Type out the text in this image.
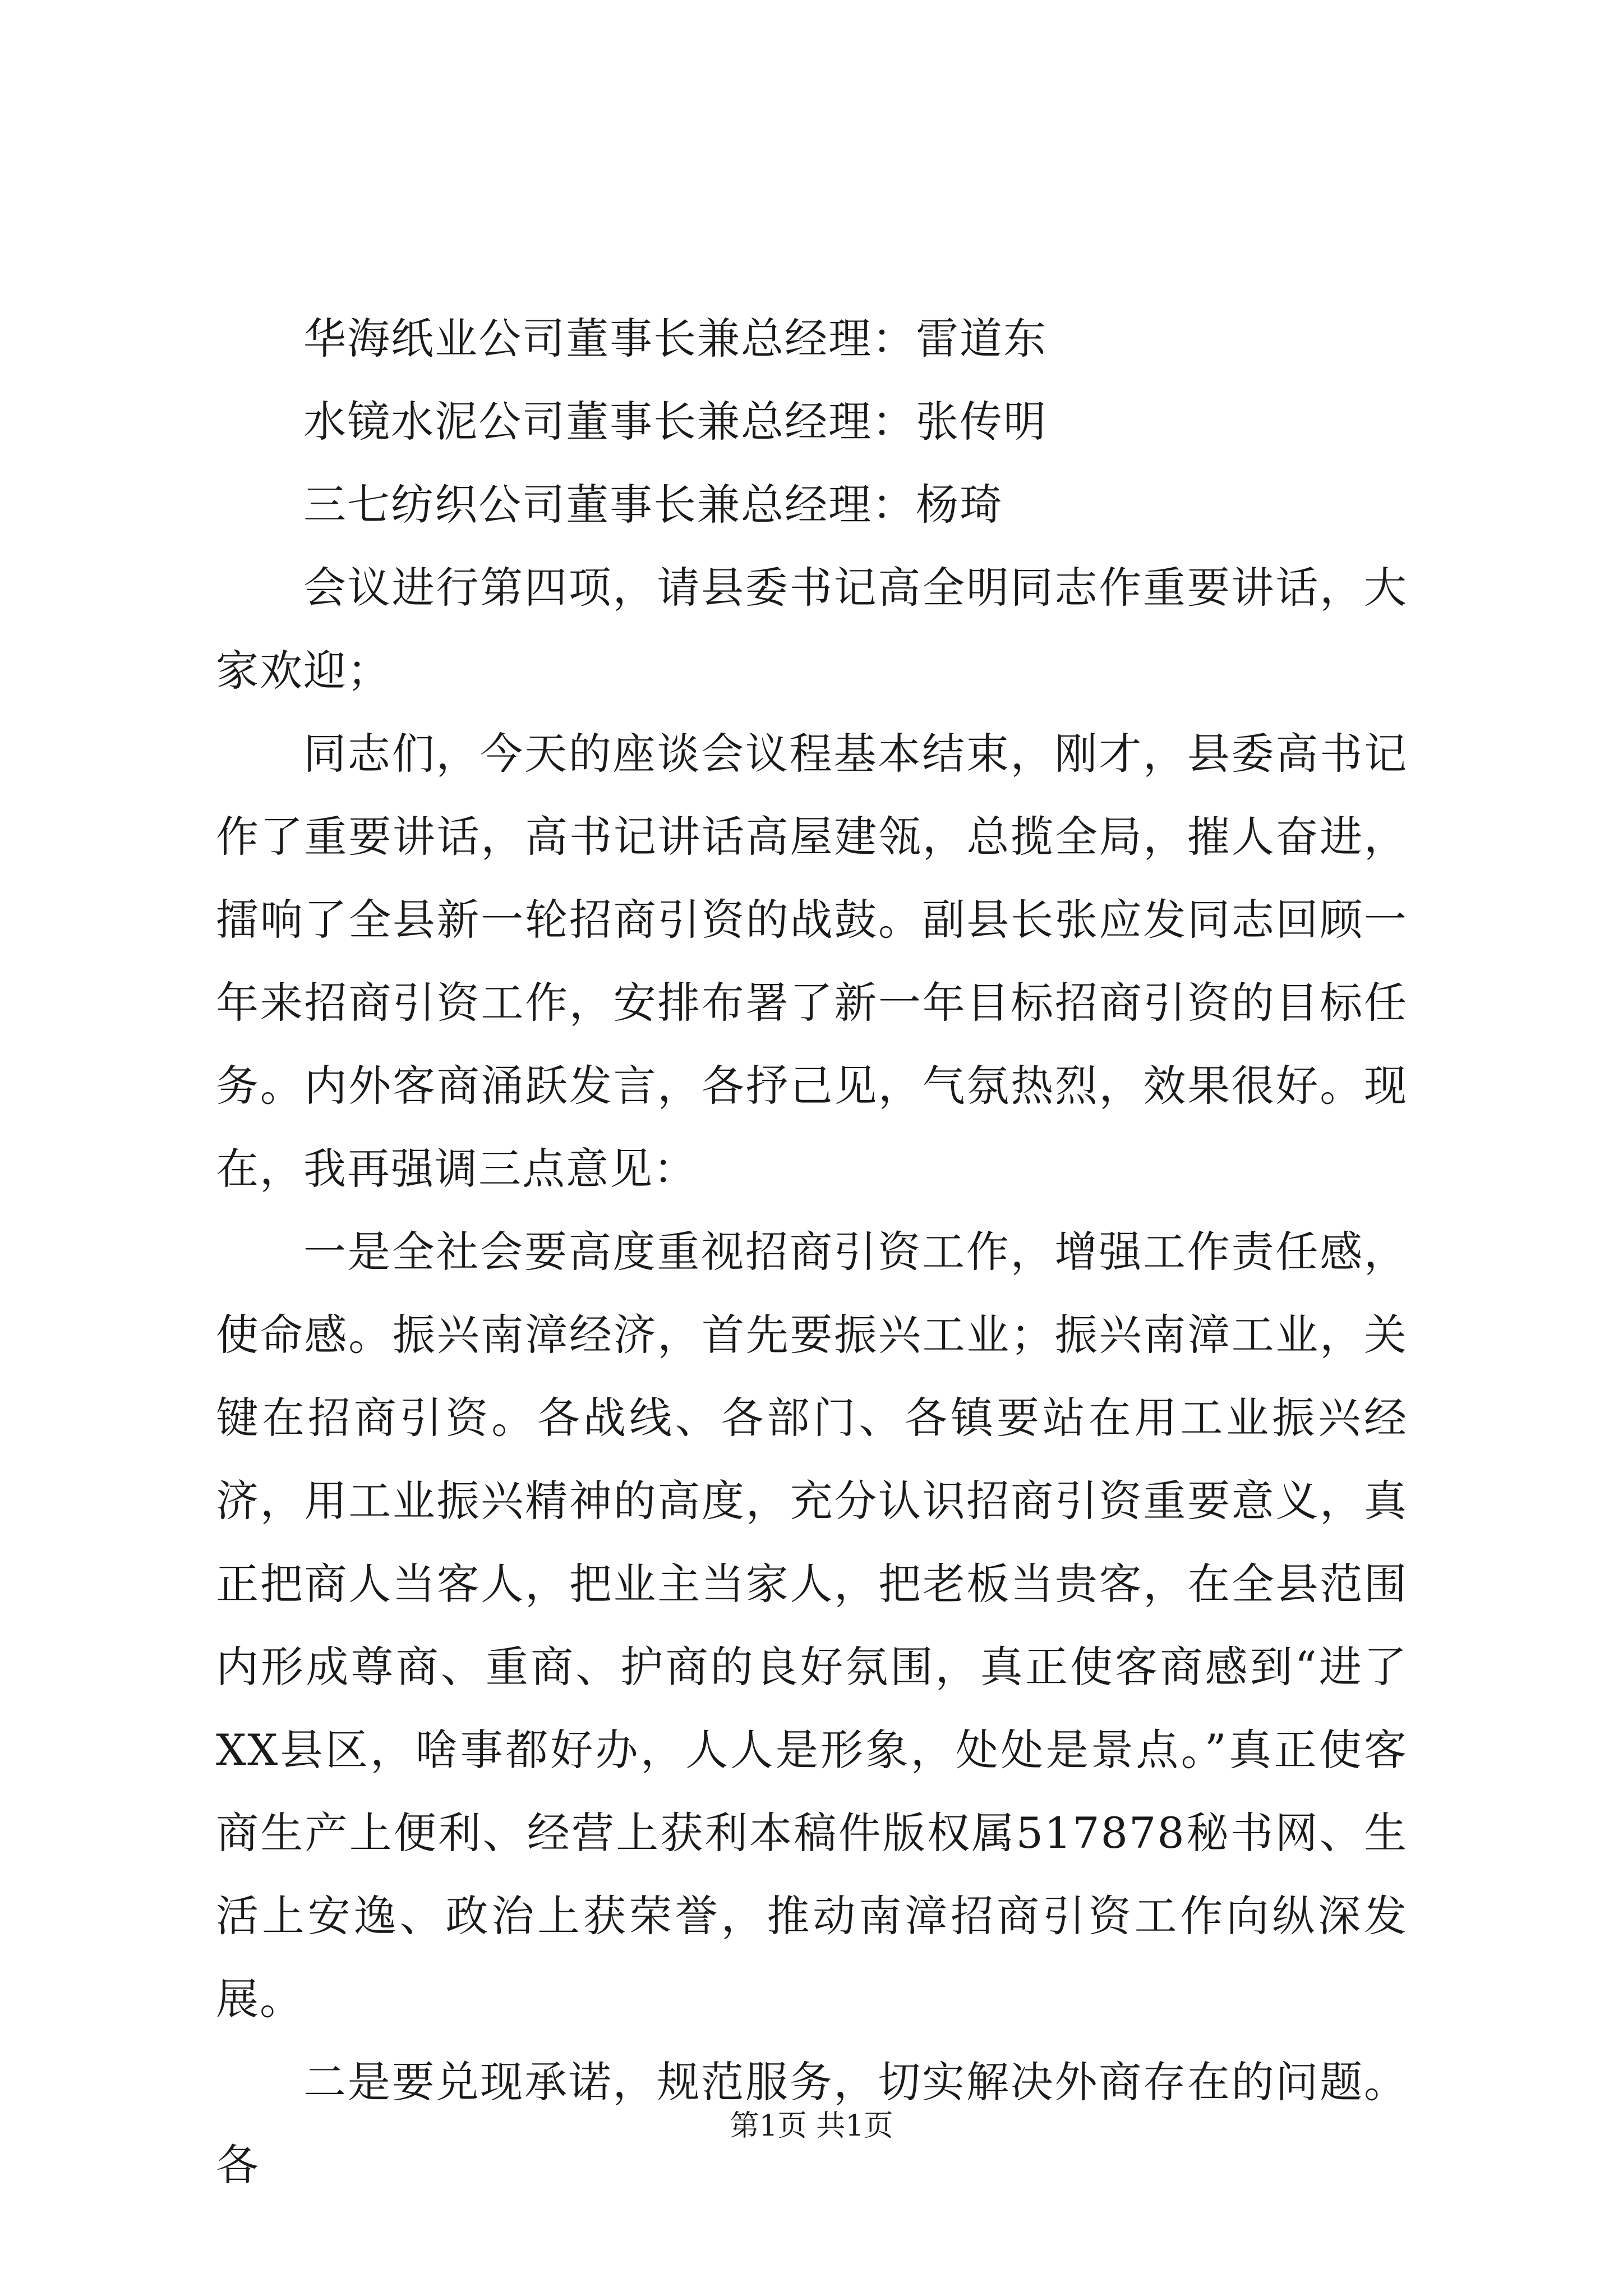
华海纸业公司董事长兼总经理：雷道东

水镜水泥公司董事长兼总经理：张传明

三七纺织公司董事长兼总经理：杨琦

会议进行第四项，请县委书记高全明同志作重要讲话，大家欢迎；

同志们，今天的座谈会议程基本结束，刚才，县委高书记作了重要讲话，高书记讲话高屋建瓴，总揽全局，摧人奋进，擂响了全县新一轮招商引资的战鼓。副县长张应发同志回顾一年来招商引资工作，安排布署了新一年目标招商引资的目标任务。内外客商涌跃发言，各抒己见，气氛热烈，效果很好。现在，我再强调三点意见：

一是全社会要高度重视招商引资工作，增强工作责任感，使命感。振兴南漳经济，首先要振兴工业；振兴南漳工业，关键在招商引资。各战线、各部门、各镇要站在用工业振兴经济，用工业振兴精神的高度，充分认识招商引资重要意义，真正把商人当客人，把业主当家人，把老板当贵客，在全县范围内形成尊商、重商、护商的良好氛围，真正使客商感到“进了XX县区，啥事都好办，人人是形象，处处是景点。”真正使客商生产上便利、经营上获利本稿件版权属517878秘书网、生活上安逸、政治上获荣誉，推动南漳招商引资工作向纵深发展。

二是要兑现承诺，规范服务，切实解决外商存在的问题。各

第1页 共1页
